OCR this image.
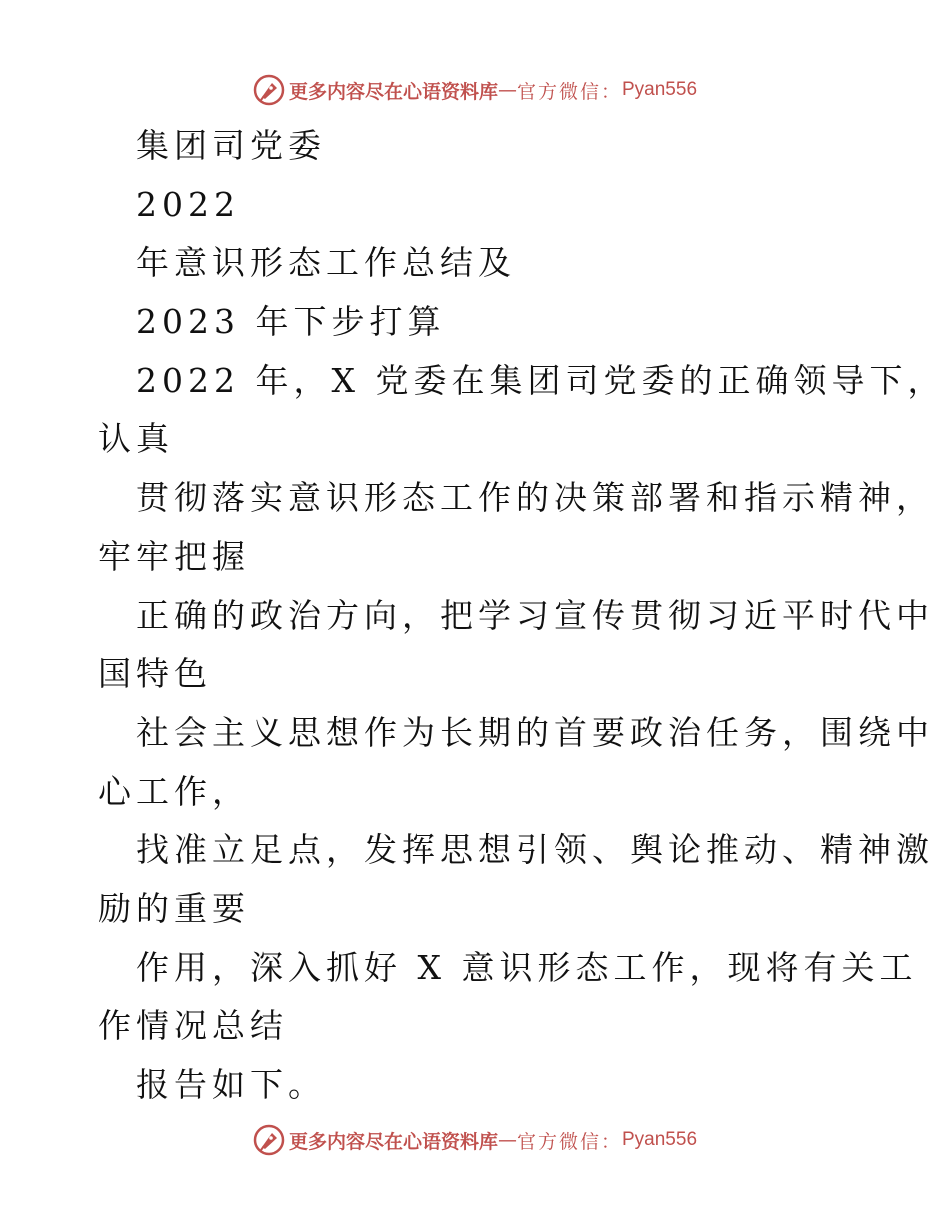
更多内容尽在心语资料库 — 官方微信： Pyan556
集团司党委
2022
年意识形态工作总结及
2023 年下步打算
2022 年，X 党委在集团司党委的正确领导下，
认真
贯彻落实意识形态工作的决策部署和指示精神，
牢牢把握
正确的政治方向，把学习宣传贯彻习近平时代中
国特色
社会主义思想作为长期的首要政治任务，围绕中
心工作，
找准立足点，发挥思想引领、舆论推动、精神激
励的重要
作用，深入抓好 X 意识形态工作，现将有关工
作情况总结
报告如下。
更多内容尽在心语资料库 — 官方微信： Pyan556
